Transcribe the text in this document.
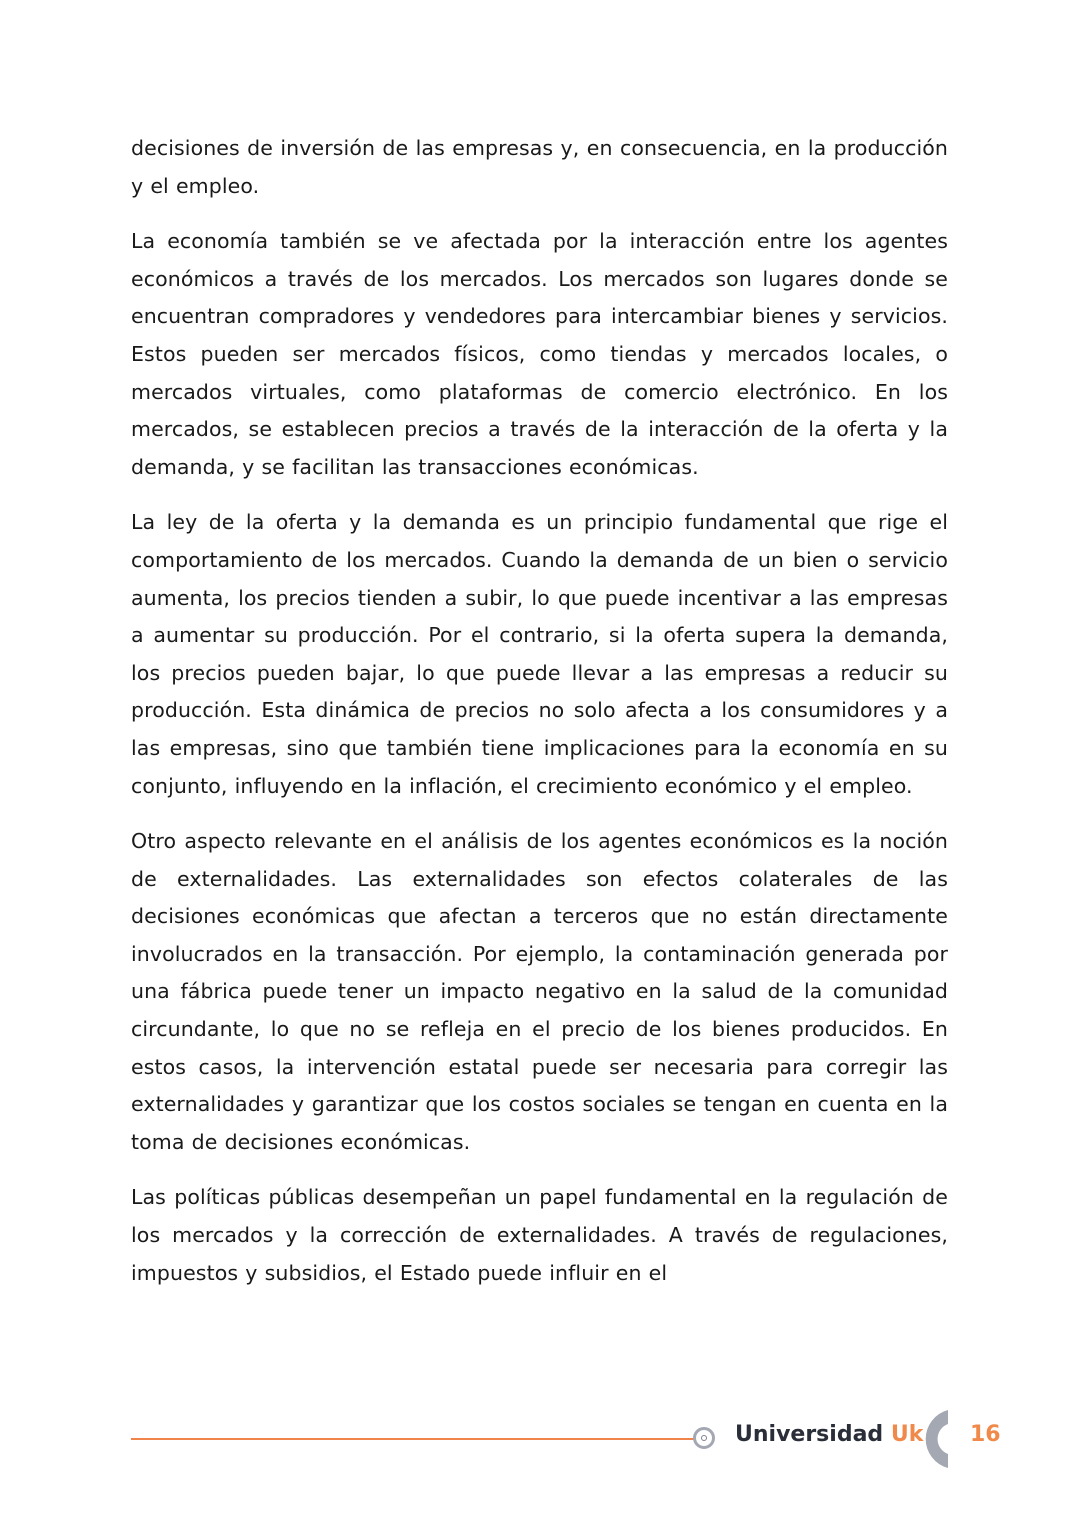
decisiones de inversión de las empresas y, en consecuencia, en la producción y el empleo.

La economía también se ve afectada por la interacción entre los agentes económicos a través de los mercados. Los mercados son lugares donde se encuentran compradores y vendedores para intercambiar bienes y servicios. Estos pueden ser mercados físicos, como tiendas y mercados locales, o mercados virtuales, como plataformas de comercio electrónico. En los mercados, se establecen precios a través de la interacción de la oferta y la demanda, y se facilitan las transacciones económicas.

La ley de la oferta y la demanda es un principio fundamental que rige el comportamiento de los mercados. Cuando la demanda de un bien o servicio aumenta, los precios tienden a subir, lo que puede incentivar a las empresas a aumentar su producción. Por el contrario, si la oferta supera la demanda, los precios pueden bajar, lo que puede llevar a las empresas a reducir su producción. Esta dinámica de precios no solo afecta a los consumidores y a las empresas, sino que también tiene implicaciones para la economía en su conjunto, influyendo en la inflación, el crecimiento económico y el empleo.

Otro aspecto relevante en el análisis de los agentes económicos es la noción de externalidades. Las externalidades son efectos colaterales de las decisiones económicas que afectan a terceros que no están directamente involucrados en la transacción. Por ejemplo, la contaminación generada por una fábrica puede tener un impacto negativo en la salud de la comunidad circundante, lo que no se refleja en el precio de los bienes producidos. En estos casos, la intervención estatal puede ser necesaria para corregir las externalidades y garantizar que los costos sociales se tengan en cuenta en la toma de decisiones económicas.

Las políticas públicas desempeñan un papel fundamental en la regulación de los mercados y la corrección de externalidades. A través de regulaciones, impuestos y subsidios, el Estado puede influir en el

Universidad Uk 16
